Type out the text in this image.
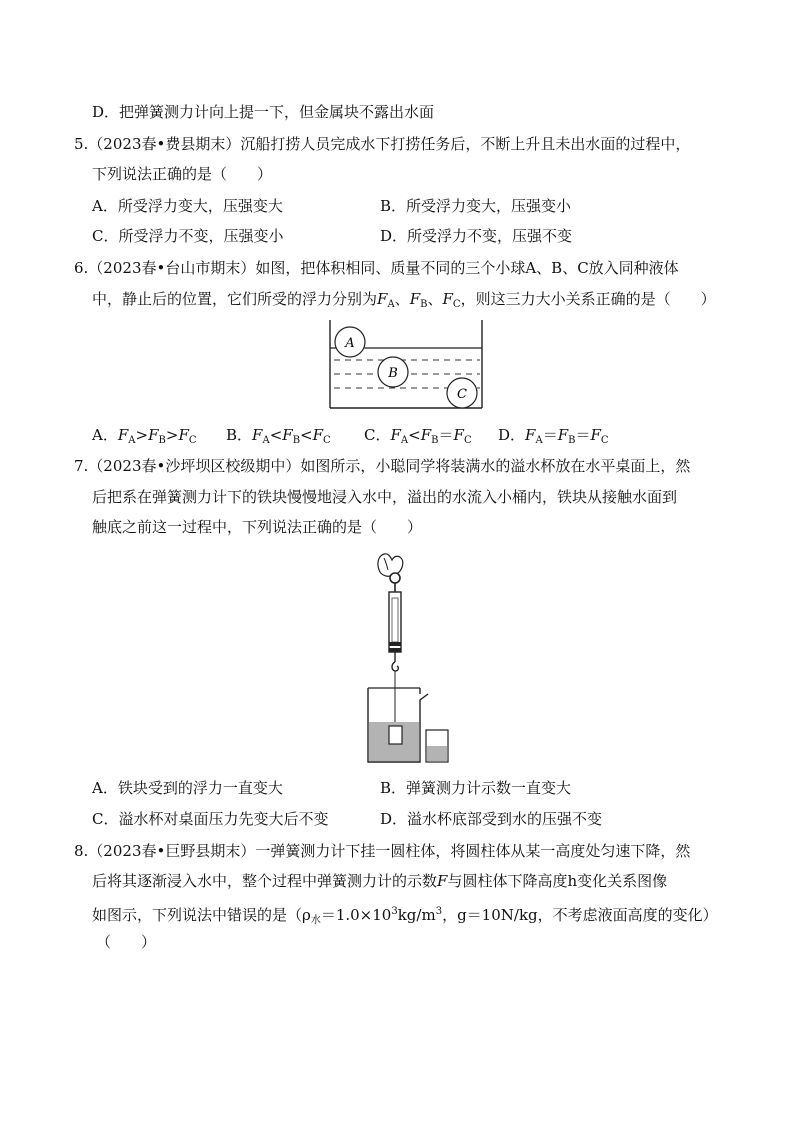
D．把弹簧测力计向上提一下，但金属块不露出水面
5.（2023春•费县期末）沉船打捞人员完成水下打捞任务后，不断上升且未出水面的过程中，
下列说法正确的是（　　）
A．所受浮力变大，压强变大	B．所受浮力变大，压强变小
C．所受浮力不变，压强变小	D．所受浮力不变，压强不变
6.（2023春•台山市期末）如图，把体积相同、质量不同的三个小球A、B、C放入同种液体
中，静止后的位置，它们所受的浮力分别为$F_A$、$F_B$、$F_C$，则这三力大小关系正确的是（　　）
A
B
C
A．$F_A>F_B>F_C$ B．$F_A<F_B<F_C$ C．$F_A<F_B=F_C$ D．$F_A=F_B=F_C$
7.（2023春•沙坪坝区校级期中）如图所示，小聪同学将装满水的溢水杯放在水平桌面上，然
后把系在弹簧测力计下的铁块慢慢地浸入水中，溢出的水流入小桶内，铁块从接触水面到
触底之前这一过程中，下列说法正确的是（　　）
A．铁块受到的浮力一直变大	B．弹簧测力计示数一直变大
C．溢水杯对桌面压力先变大后不变	D．溢水杯底部受到水的压强不变
8.（2023春•巨野县期末）一弹簧测力计下挂一圆柱体，将圆柱体从某一高度处匀速下降，然
后将其逐渐浸入水中，整个过程中弹簧测力计的示数F与圆柱体下降高度h变化关系图像
如图示，下列说法中错误的是（$\rho_水=1.0\times 10^3kg/m^3$，g＝10N/kg，不考虑液面高度的变化）
（　　）
